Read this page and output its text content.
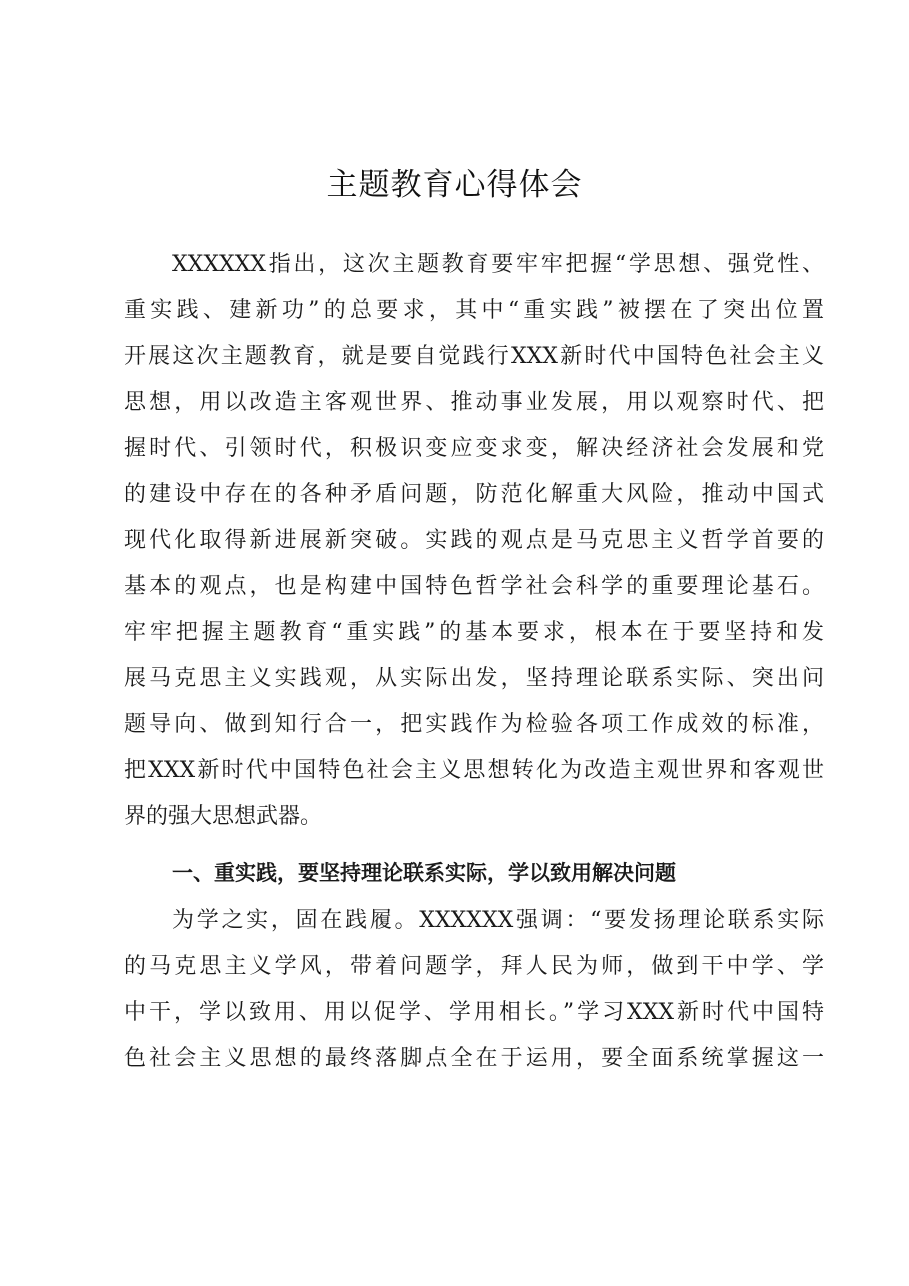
主题教育心得体会
XXXXXX指出，这次主题教育要牢牢把握“学思想、强党性、
重实践、建新功”的总要求，其中“重实践”被摆在了突出位置
开展这次主题教育，就是要自觉践行XXX新时代中国特色社会主义
思想，用以改造主客观世界、推动事业发展，用以观察时代、把
握时代、引领时代，积极识变应变求变，解决经济社会发展和党
的建设中存在的各种矛盾问题，防范化解重大风险，推动中国式
现代化取得新进展新突破。实践的观点是马克思主义哲学首要的
基本的观点，也是构建中国特色哲学社会科学的重要理论基石。
牢牢把握主题教育“重实践”的基本要求，根本在于要坚持和发
展马克思主义实践观，从实际出发，坚持理论联系实际、突出问
题导向、做到知行合一，把实践作为检验各项工作成效的标准，
把XXX新时代中国特色社会主义思想转化为改造主观世界和客观世
界的强大思想武器。
一、重实践，要坚持理论联系实际，学以致用解决问题
为学之实，固在践履。XXXXXX强调：“要发扬理论联系实际
的马克思主义学风，带着问题学，拜人民为师，做到干中学、学
中干，学以致用、用以促学、学用相长。”学习XXX新时代中国特
色社会主义思想的最终落脚点全在于运用，要全面系统掌握这一
